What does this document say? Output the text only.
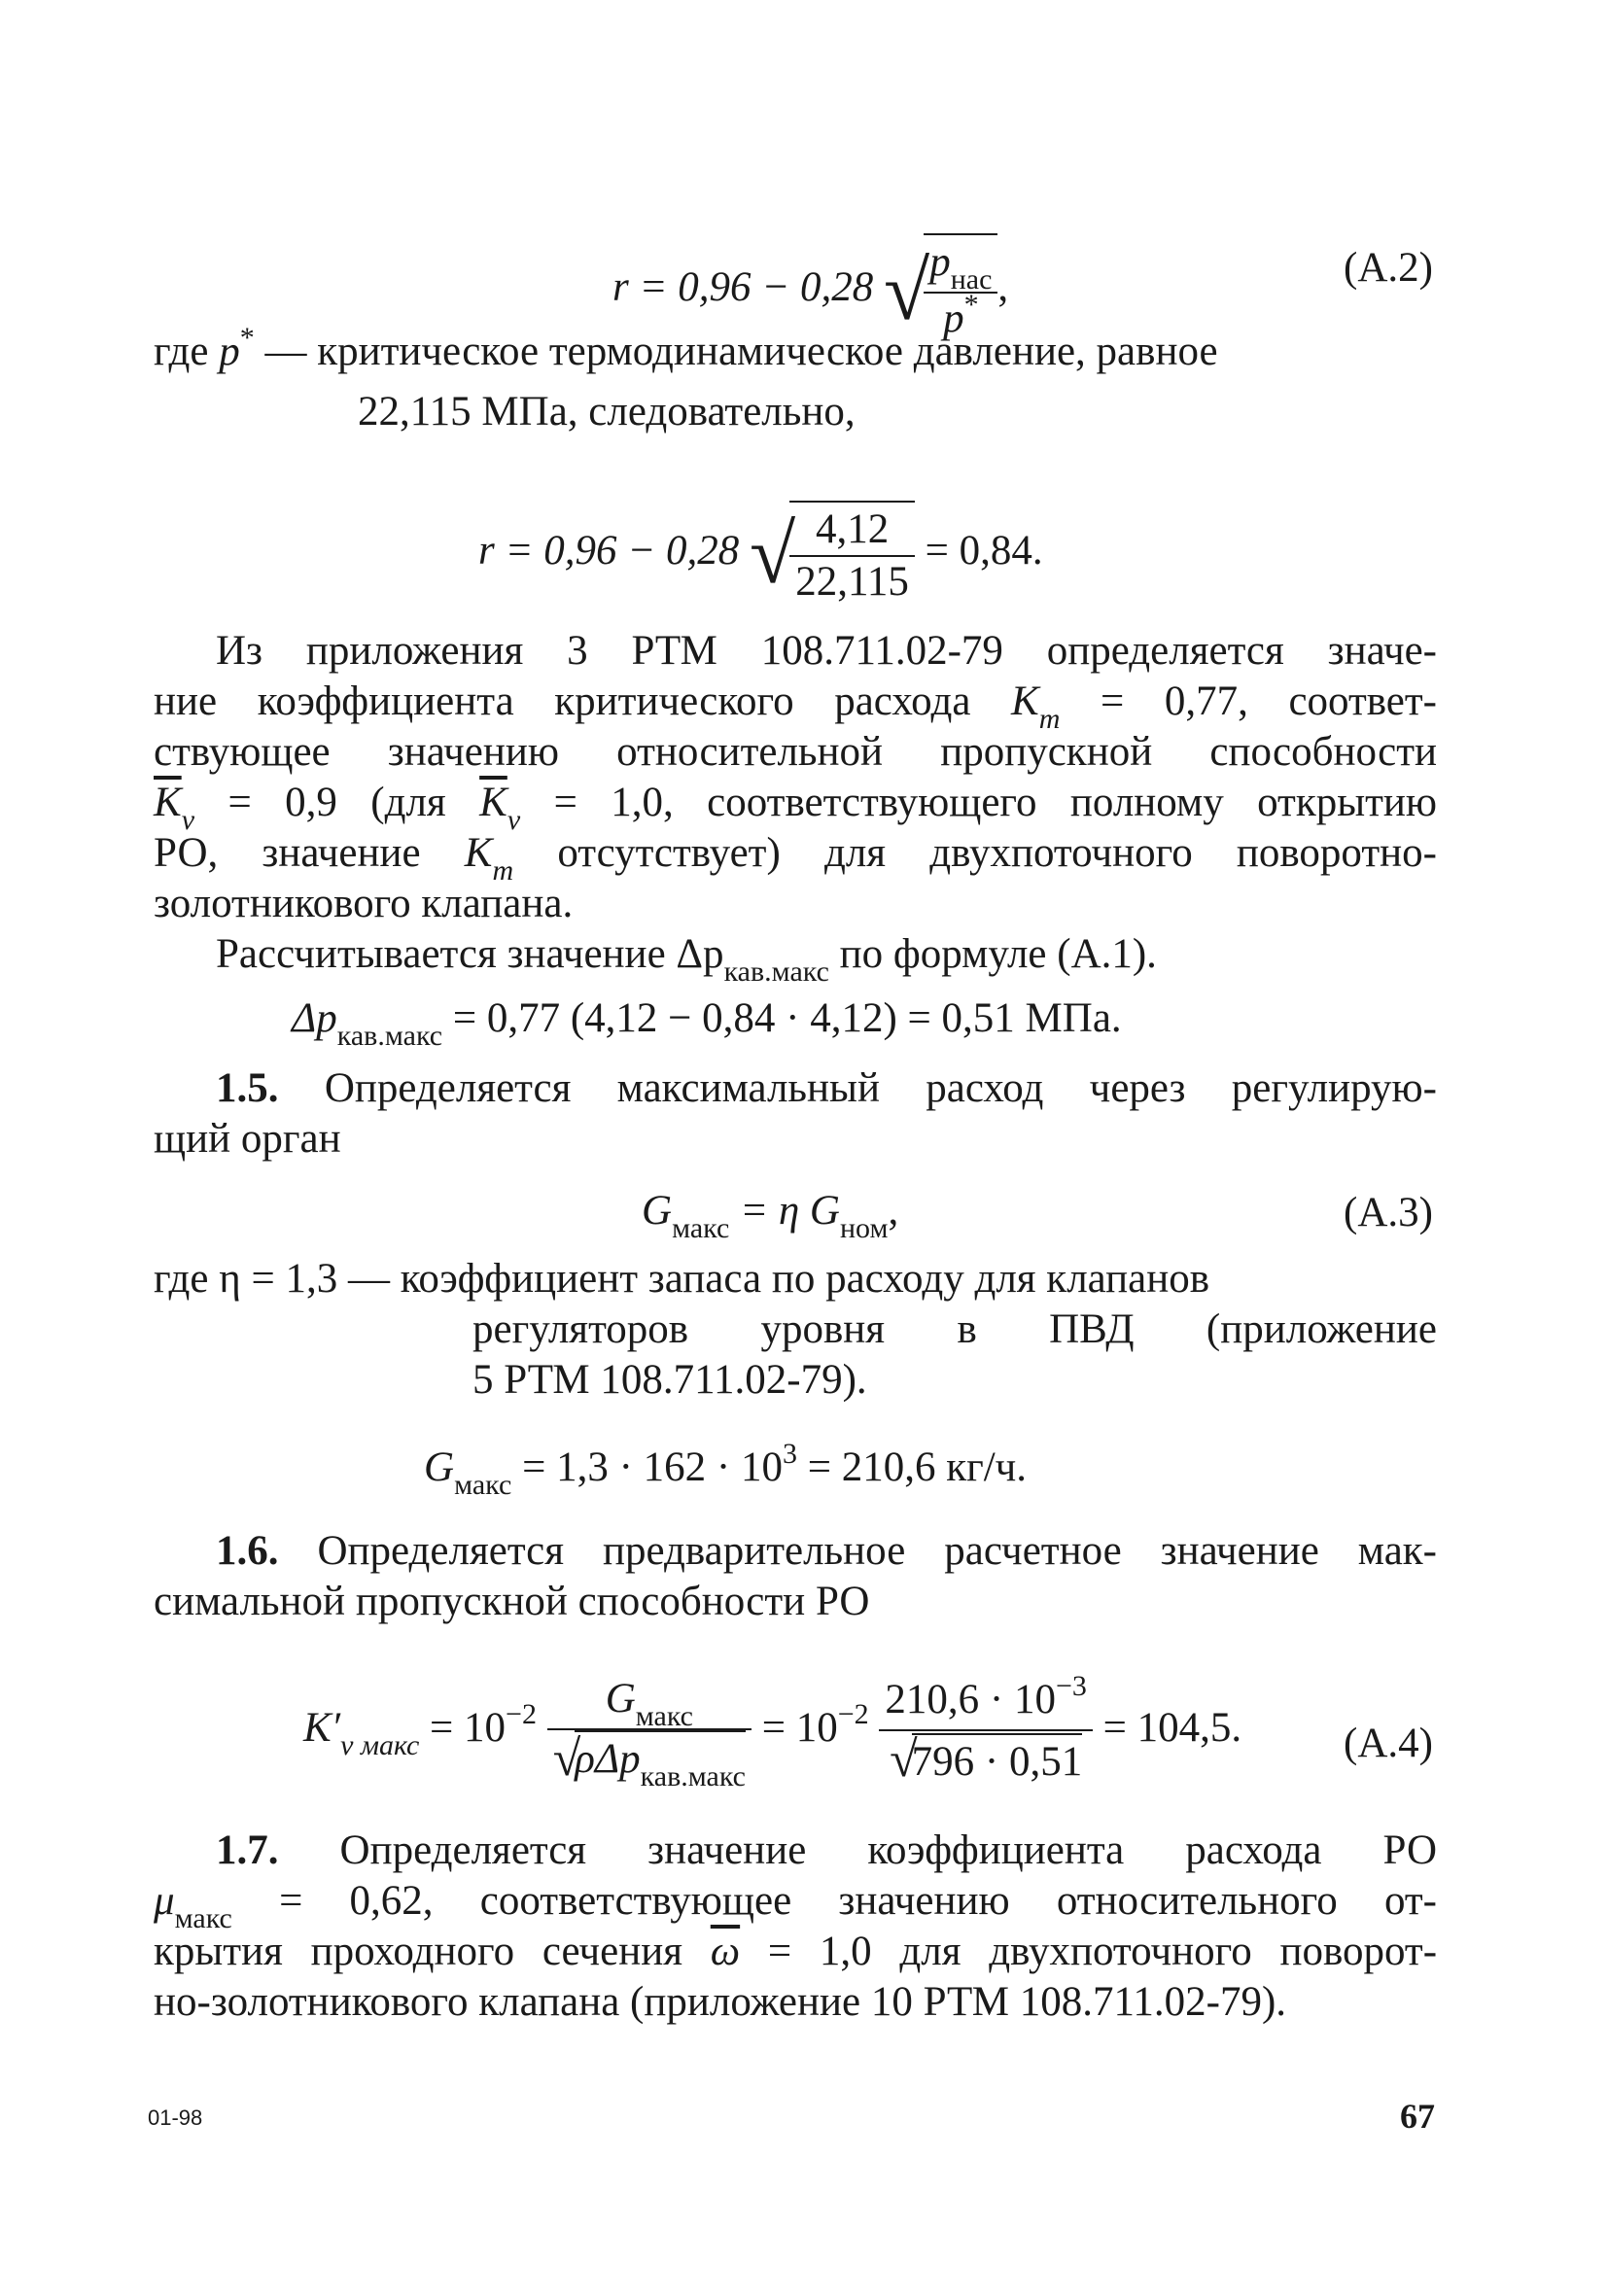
r = 0,96 − 0,28 √
$\frac{p_{нас}}{p^*}$ ,	(А.2)
где p* — критическое термодинамическое давление, равное
22,115 МПа, следовательно,
r = 0,96 − 0,28 √
$\frac{4,12}{22,115} = 0,84$.
Из приложения 3 РТМ 108.711.02-79 определяется значе-
ние коэффициента критического расхода $K_m = 0,77$, соответ-
ствующее значению относительной пропускной способности
$\overline{K}_v = 0,9$ (для $\overline{K}_v = 1,0$, соответствующего полному открытию
РО, значение $K_m$ отсутствует) для двухпоточного поворотно-
золотникового клапана.
Рассчитывается значение $\Delta p_{кав.макс}$ по формуле (А.1).
$\Delta p_{кав.макс} = 0,77$ (4,12 − 0,84 · 4,12) = 0,51 МПа.
1.5. Определяется максимальный расход через регулирую-
щий орган
$G_{макс} = \eta$ $G_{ном}$,	(А.3)
где η = 1,3 — коэффициент запаса по расходу для клапанов
регуляторов уровня в ПВД (приложение
5 РТМ 108.711.02-79).
$G_{макс} = 1,3 \cdot 162 \cdot 10^3 = 210,6$ кг/ч.
1.6. Определяется предварительное расчетное значение мак-
симальной пропускной способности РО
$K'_{v макс} = 10^{-2} \frac{G_{макс}}{√\rho\Delta p_{кав.макс}} = 10^{-2} \frac{210,6 \cdot 10^{-3}}{√796 \cdot 0,51} = 104,5$. (А.4)
1.7. Определяется значение коэффициента расхода РО
$\mu_{макс} = 0,62$, соответствующее значению относительного от-
крытия проходного сечения $\overline{\omega} = 1,0$ для двухпоточного поворот-
но-золотникового клапана (приложение 10 РТМ 108.711.02-79).
01-98	67
